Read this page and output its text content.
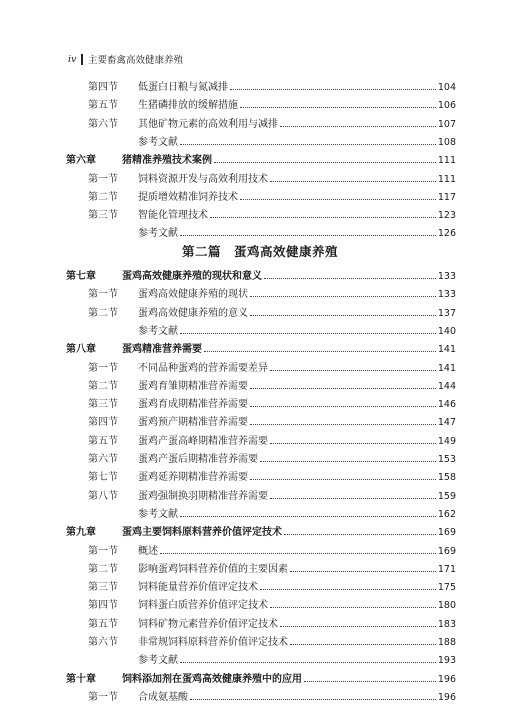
iv 主要畜禽高效健康养殖
第二篇　蛋鸡高效健康养殖
第四节	低蛋白日粮与氮减排	104
第五节	生猪磷排放的缓解措施	106
第六节	其他矿物元素的高效利用与减排	107
参考文献	108
第六章	猪精准养殖技术案例	111
第一节	饲料资源开发与高效利用技术	111
第二节	提质增效精准饲养技术	117
第三节	智能化管理技术	123
参考文献	126
第七章	蛋鸡高效健康养殖的现状和意义	133
第一节	蛋鸡高效健康养殖的现状	133
第二节	蛋鸡高效健康养殖的意义	137
参考文献	140
第八章	蛋鸡精准营养需要	141
第一节	不同品种蛋鸡的营养需要差异	141
第二节	蛋鸡育雏期精准营养需要	144
第三节	蛋鸡育成期精准营养需要	146
第四节	蛋鸡预产期精准营养需要	147
第五节	蛋鸡产蛋高峰期精准营养需要	149
第六节	蛋鸡产蛋后期精准营养需要	153
第七节	蛋鸡延养期精准营养需要	158
第八节	蛋鸡强制换羽期精准营养需要	159
参考文献	162
第九章	蛋鸡主要饲料原料营养价值评定技术	169
第一节	概述	169
第二节	影响蛋鸡饲料营养价值的主要因素	171
第三节	饲料能量营养价值评定技术	175
第四节	饲料蛋白质营养价值评定技术	180
第五节	饲料矿物元素营养价值评定技术	183
第六节	非常规饲料原料营养价值评定技术	188
参考文献	193
第十章	饲料添加剂在蛋鸡高效健康养殖中的应用	196
第一节	合成氨基酸	196
